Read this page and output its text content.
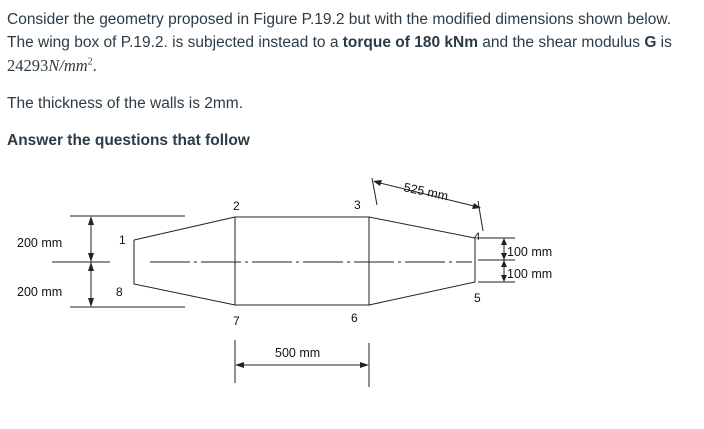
Consider the geometry proposed in Figure P.19.2 but with the modified dimensions shown below.
The wing box of P.19.2. is subjected instead to a torque of 180 kNm and the shear modulus G is
$24293N/mm^2$.

The thickness of the walls is 2mm.

Answer the questions that follow

200 mm
200 mm
100 mm
100 mm
500 mm
525 mm
1
2	3
4
5
6
7
8
